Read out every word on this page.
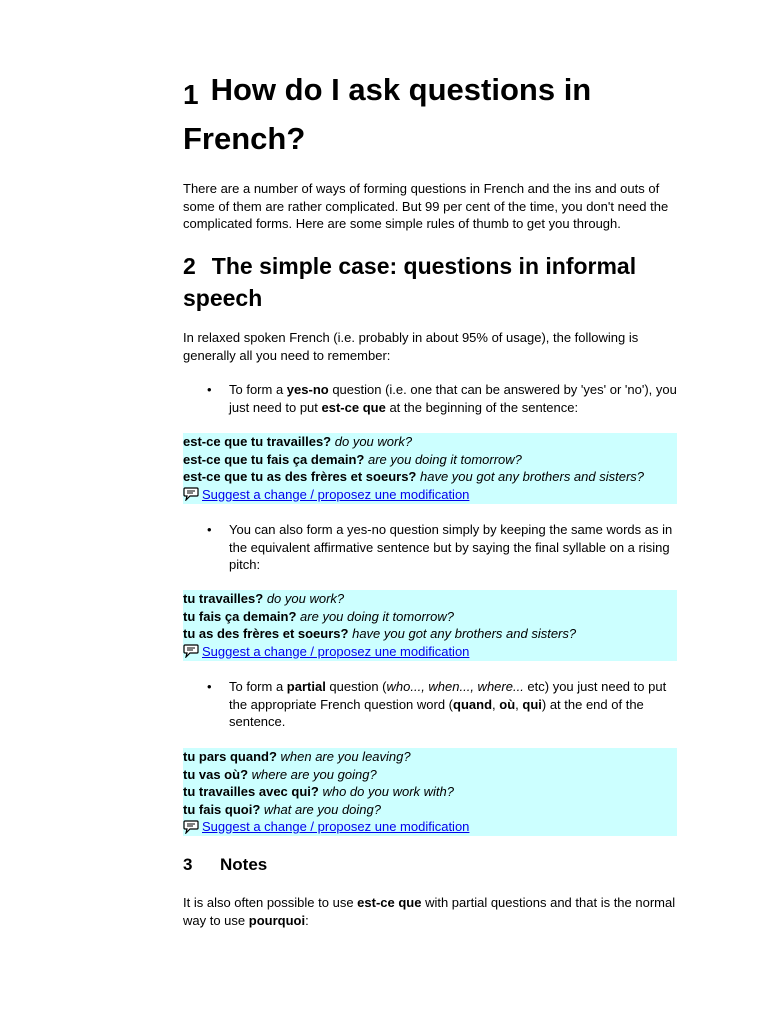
1 How do I ask questions in French?

There are a number of ways of forming questions in French and the ins and outs of some of them are rather complicated. But 99 per cent of the time, you don't need the complicated forms. Here are some simple rules of thumb to get you through.

2 The simple case: questions in informal speech

In relaxed spoken French (i.e. probably in about 95% of usage), the following is generally all you need to remember:

•	To form a yes-no question (i.e. one that can be answered by 'yes' or 'no'), you just need to put est-ce que at the beginning of the sentence:
est-ce que tu travailles? do you work?
est-ce que tu fais ça demain? are you doing it tomorrow?
est-ce que tu as des frères et soeurs? have you got any brothers and sisters?
Suggest a change / proposez une modification
•	You can also form a yes-no question simply by keeping the same words as in the equivalent affirmative sentence but by saying the final syllable on a rising pitch:
tu travailles? do you work?
tu fais ça demain? are you doing it tomorrow?
tu as des frères et soeurs? have you got any brothers and sisters?
Suggest a change / proposez une modification
•	To form a partial question (who..., when..., where... etc) you just need to put the appropriate French question word (quand, où, qui) at the end of the sentence.
tu pars quand? when are you leaving?
tu vas où? where are you going?
tu travailles avec qui? who do you work with?
tu fais quoi? what are you doing?
Suggest a change / proposez une modification
3 Notes

It is also often possible to use est-ce que with partial questions and that is the normal way to use pourquoi:
